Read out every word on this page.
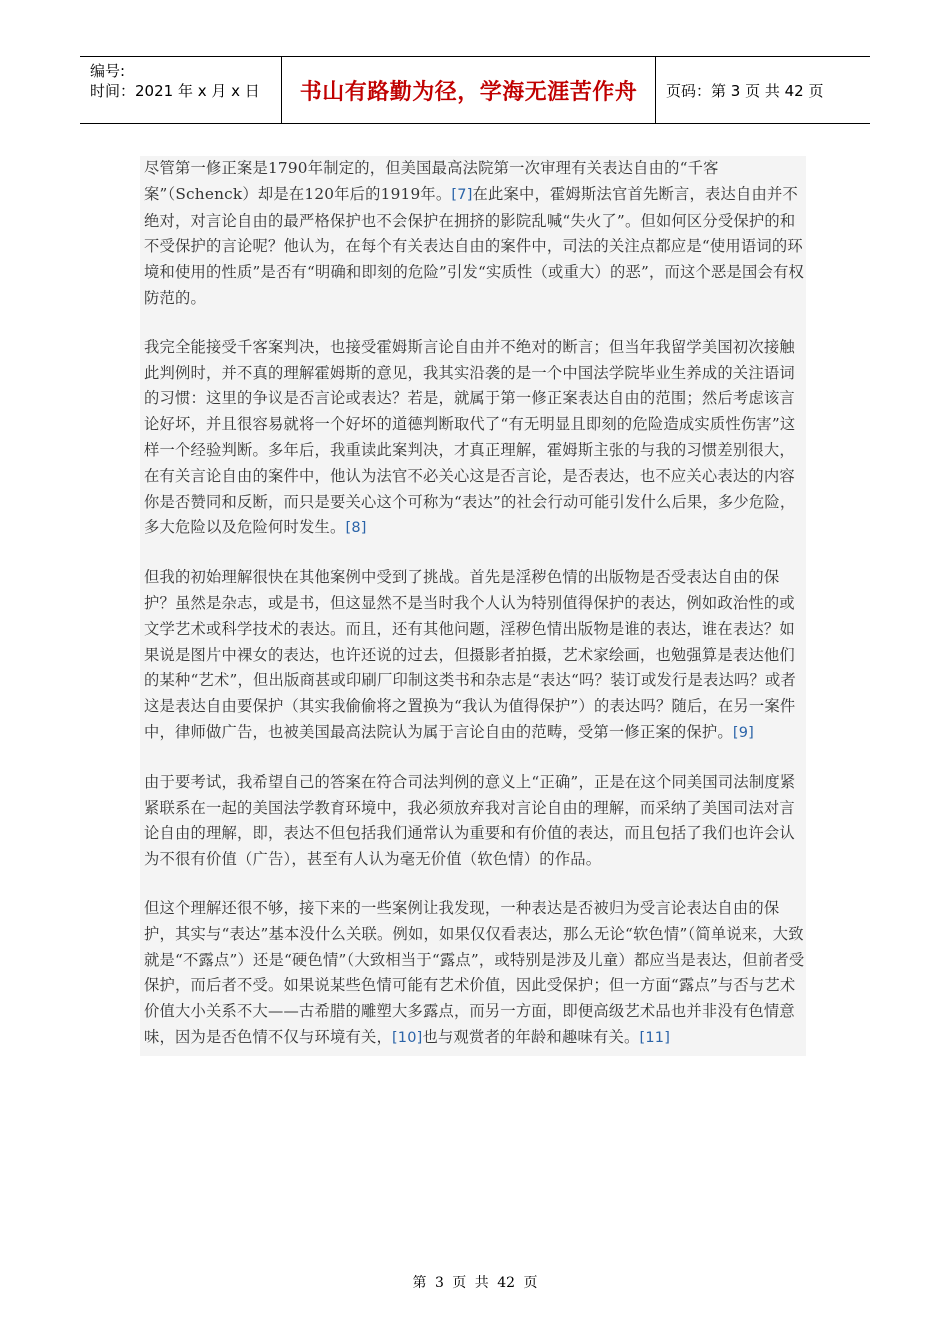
编号:
时间：2021 年 x 月 x 日	书山有路勤为径，学海无涯苦作舟	页码：第 3 页 共 42 页

尽管第一修正案是1790年制定的，但美国最高法院第一次审理有关表达自由的“千客案”（Schenck）却是在120年后的1919年。[7]在此案中，霍姆斯法官首先断言，表达自由并不绝对，对言论自由的最严格保护也不会保护在拥挤的影院乱喊“失火了”。但如何区分受保护的和不受保护的言论呢？他认为，在每个有关表达自由的案件中，司法的关注点都应是“使用语词的环境和使用的性质”是否有“明确和即刻的危险”引发“实质性（或重大）的恶”，而这个恶是国会有权防范的。

我完全能接受千客案判决，也接受霍姆斯言论自由并不绝对的断言；但当年我留学美国初次接触此判例时，并不真的理解霍姆斯的意见，我其实沿袭的是一个中国法学院毕业生养成的关注语词的习惯：这里的争议是否言论或表达？若是，就属于第一修正案表达自由的范围；然后考虑该言论好坏，并且很容易就将一个好坏的道德判断取代了“有无明显且即刻的危险造成实质性伤害”这样一个经验判断。多年后，我重读此案判决，才真正理解，霍姆斯主张的与我的习惯差别很大，在有关言论自由的案件中，他认为法官不必关心这是否言论，是否表达，也不应关心表达的内容你是否赞同和反断，而只是要关心这个可称为“表达”的社会行动可能引发什么后果，多少危险，多大危险以及危险何时发生。[8]

但我的初始理解很快在其他案例中受到了挑战。首先是淫秽色情的出版物是否受表达自由的保护？虽然是杂志，或是书，但这显然不是当时我个人认为特别值得保护的表达，例如政治性的或文学艺术或科学技术的表达。而且，还有其他问题，淫秽色情出版物是谁的表达，谁在表达？如果说是图片中裸女的表达，也许还说的过去，但摄影者拍摄，艺术家绘画，也勉强算是表达他们的某种“艺术”，但出版商甚或印刷厂印制这类书和杂志是“表达“吗？装订或发行是表达吗？或者这是表达自由要保护（其实我偷偷将之置换为“我认为值得保护”）的表达吗？随后，在另一案件中，律师做广告，也被美国最高法院认为属于言论自由的范畴，受第一修正案的保护。[9]

由于要考试，我希望自己的答案在符合司法判例的意义上“正确”，正是在这个同美国司法制度紧紧联系在一起的美国法学教育环境中，我必须放弃我对言论自由的理解，而采纳了美国司法对言论自由的理解，即，表达不但包括我们通常认为重要和有价值的表达，而且包括了我们也许会认为不很有价值（广告），甚至有人认为毫无价值（软色情）的作品。

但这个理解还很不够，接下来的一些案例让我发现，一种表达是否被归为受言论表达自由的保护，其实与“表达”基本没什么关联。例如，如果仅仅看表达，那么无论“软色情”（简单说来，大致就是“不露点”）还是“硬色情”（大致相当于“露点”，或特别是涉及儿童）都应当是表达，但前者受保护，而后者不受。如果说某些色情可能有艺术价值，因此受保护；但一方面“露点”与否与艺术价值大小关系不大——古希腊的雕塑大多露点，而另一方面，即便高级艺术品也并非没有色情意味，因为是否色情不仅与环境有关，[10]也与观赏者的年龄和趣味有关。[11]

第 3 页 共 42 页
